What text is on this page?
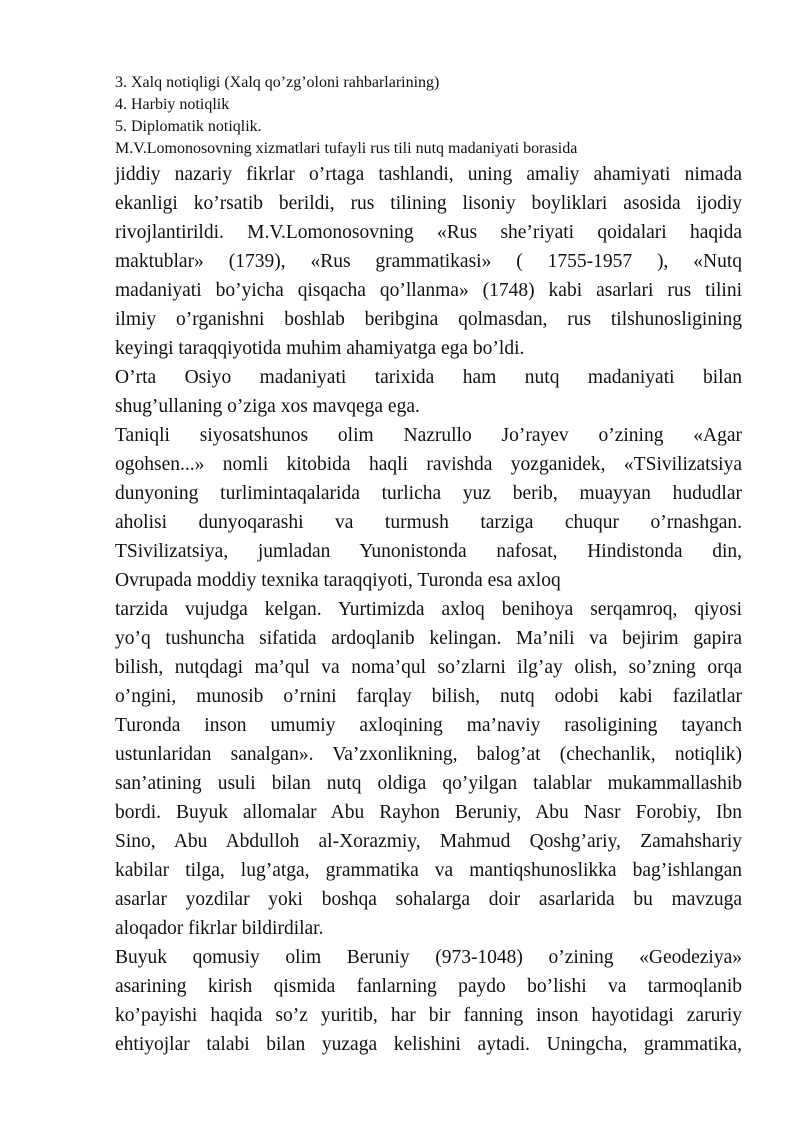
3. Xalq notiqligi (Xalq qo’zg’oloni rahbarlarining)

4. Harbiy notiqlik

5. Diplomatik notiqlik.

M.V.Lomonosovning xizmatlari tufayli rus tili nutq madaniyati borasida

jiddiy nazariy fikrlar o’rtaga tashlandi, uning amaliy ahamiyati nimada
ekanligi ko’rsatib berildi, rus tilining lisoniy boyliklari asosida ijodiy
rivojlantirildi. M.V.Lomonosovning «Rus she’riyati qoidalari haqida
maktublar» (1739), «Rus grammatikasi» ( 1755-1957 ), «Nutq
madaniyati bo’yicha qisqacha qo’llanma» (1748) kabi asarlari rus tilini
ilmiy o’rganishni boshlab beribgina qolmasdan, rus tilshunosligining
keyingi taraqqiyotida muhim ahamiyatga ega bo’ldi.

O’rta Osiyo madaniyati tarixida ham nutq madaniyati bilan
shug’ullaning o’ziga xos mavqega ega.

Taniqli siyosatshunos olim Nazrullo Jo’rayev o’zining «Agar
ogohsen...» nomli kitobida haqli ravishda yozganidek, «TSivilizatsiya
dunyoning turlimintaqalarida turlicha yuz berib, muayyan hududlar
aholisi dunyoqarashi va turmush tarziga chuqur o’rnashgan.
TSivilizatsiya, jumladan Yunonistonda nafosat, Hindistonda din,
Ovrupada moddiy texnika taraqqiyoti, Turonda esa axloq

tarzida vujudga kelgan. Yurtimizda axloq benihoya serqamroq, qiyosi
yo’q tushuncha sifatida ardoqlanib kelingan. Ma’nili va bejirim gapira
bilish, nutqdagi ma’qul va noma’qul so’zlarni ilg’ay olish, so’zning orqa
o’ngini, munosib o’rnini farqlay bilish, nutq odobi kabi fazilatlar
Turonda inson umumiy axloqining ma’naviy rasoligining tayanch
ustunlaridan sanalgan». Va’zxonlikning, balog’at (chechanlik, notiqlik)
san’atining usuli bilan nutq oldiga qo’yilgan talablar mukammallashib
bordi. Buyuk allomalar Abu Rayhon Beruniy, Abu Nasr Forobiy, Ibn
Sino, Abu Abdulloh al-Xorazmiy, Mahmud Qoshg’ariy, Zamahshariy
kabilar tilga, lug’atga, grammatika va mantiqshunoslikka bag’ishlangan
asarlar yozdilar yoki boshqa sohalarga doir asarlarida bu mavzuga
aloqador fikrlar bildirdilar.

Buyuk qomusiy olim Beruniy (973-1048) o’zining «Geodeziya»
asarining kirish qismida fanlarning paydo bo’lishi va tarmoqlanib
ko’payishi haqida so’z yuritib, har bir fanning inson hayotidagi zaruriy
ehtiyojlar talabi bilan yuzaga kelishini aytadi. Uningcha, grammatika,
